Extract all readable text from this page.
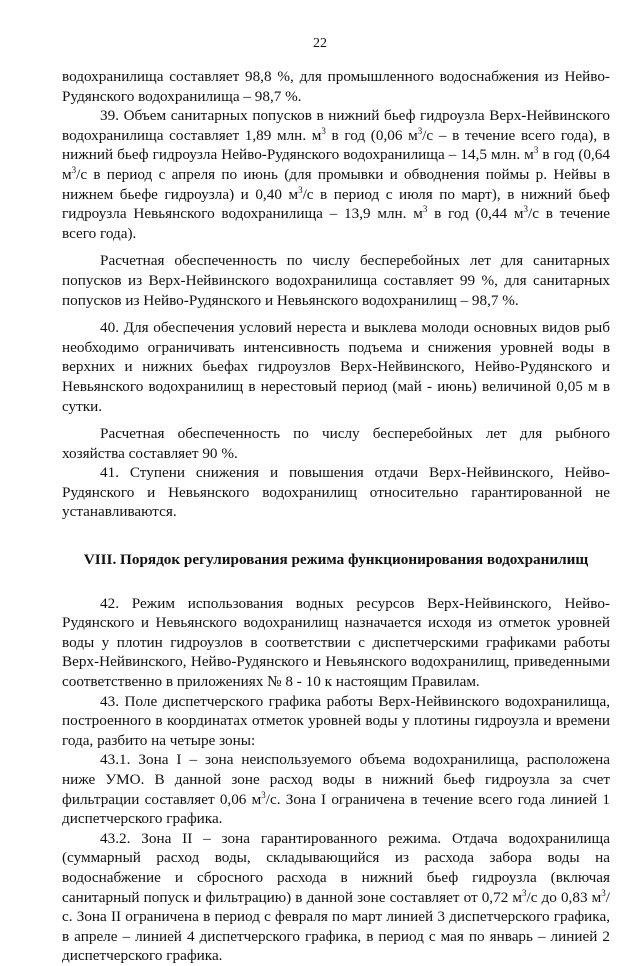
22

водохранилища составляет 98,8 %, для промышленного водоснабжения из Нейво-Рудянского водохранилища – 98,7 %.

39. Объем санитарных попусков в нижний бьеф гидроузла Верх-Нейвинского водохранилища составляет 1,89 млн. $м^3$ в год (0,06 $м^3/с$ – в течение всего года), в нижний бьеф гидроузла Нейво-Рудянского водохранилища – 14,5 млн. $м^3$ в год (0,64 $м^3/с$ в период с апреля по июнь (для промывки и обводнения поймы р. Нейвы в нижнем бьефе гидроузла) и 0,40 $м^3/с$ в период с июля по март), в нижний бьеф гидроузла Невьянского водохранилища – 13,9 млн. $м^3$ в год (0,44 $м^3/с$ в течение всего года).

Расчетная обеспеченность по числу бесперебойных лет для санитарных попусков из Верх-Нейвинского водохранилища составляет 99 %, для санитарных попусков из Нейво-Рудянского и Невьянского водохранилищ – 98,7 %.

40. Для обеспечения условий нереста и выклева молоди основных видов рыб необходимо ограничивать интенсивность подъема и снижения уровней воды в верхних и нижних бьефах гидроузлов Верх-Нейвинского, Нейво-Рудянского и Невьянского водохранилищ в нерестовый период (май - июнь) величиной 0,05 м в сутки.

Расчетная обеспеченность по числу бесперебойных лет для рыбного хозяйства составляет 90 %.

41. Ступени снижения и повышения отдачи Верх-Нейвинского, Нейво-Рудянского и Невьянского водохранилищ относительно гарантированной не устанавливаются.

VIII. Порядок регулирования режима функционирования водохранилищ

42. Режим использования водных ресурсов Верх-Нейвинского, Нейво-Рудянского и Невьянского водохранилищ назначается исходя из отметок уровней воды у плотин гидроузлов в соответствии с диспетчерскими графиками работы Верх-Нейвинского, Нейво-Рудянского и Невьянского водохранилищ, приведенными соответственно в приложениях № 8 - 10 к настоящим Правилам.

43. Поле диспетчерского графика работы Верх-Нейвинского водохранилища, построенного в координатах отметок уровней воды у плотины гидроузла и времени года, разбито на четыре зоны:

43.1. Зона I – зона неиспользуемого объема водохранилища, расположена ниже УМО. В данной зоне расход воды в нижний бьеф гидроузла за счет фильтрации составляет 0,06 $м^3/с$. Зона I ограничена в течение всего года линией 1 диспетчерского графика.

43.2. Зона II – зона гарантированного режима. Отдача водохранилища (суммарный расход воды, складывающийся из расхода забора воды на водоснабжение и сбросного расхода в нижний бьеф гидроузла (включая санитарный попуск и фильтрацию) в данной зоне составляет от 0,72 $м^3/с$ до 0,83 $м^3/с$. Зона II ограничена в период с февраля по март линией 3 диспетчерского графика, в апреле – линией 4 диспетчерского графика, в период с мая по январь – линией 2 диспетчерского графика.
